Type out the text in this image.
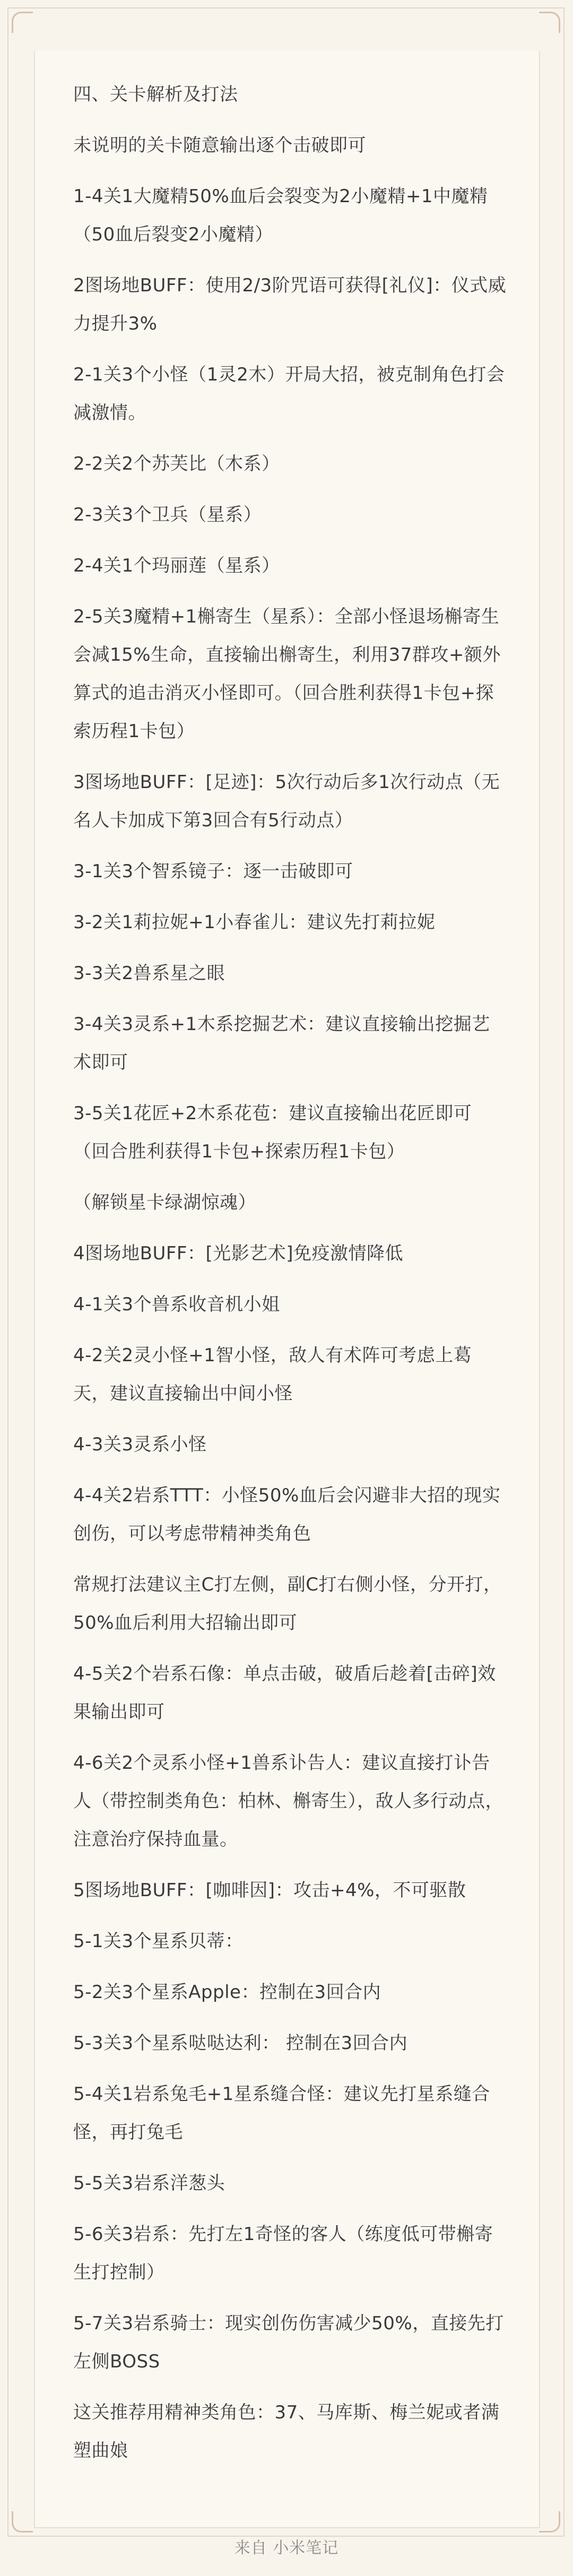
四、关卡解析及打法

未说明的关卡随意输出逐个击破即可

1-4关1大魔精50%血后会裂变为2小魔精+1中魔精（50血后裂变2小魔精）

2图场地BUFF：使用2/3阶咒语可获得[礼仪]：仪式威力提升3%

2-1关3个小怪（1灵2木）开局大招，被克制角色打会减激情。

2-2关2个苏芙比（木系）

2-3关3个卫兵（星系）

2-4关1个玛丽莲（星系）

2-5关3魔精+1槲寄生（星系）：全部小怪退场槲寄生会减15%生命，直接输出槲寄生，利用37群攻+额外算式的追击消灭小怪即可。（回合胜利获得1卡包+探索历程1卡包）

3图场地BUFF：[足迹]：5次行动后多1次行动点（无名人卡加成下第3回合有5行动点）

3-1关3个智系镜子：逐一击破即可

3-2关1莉拉妮+1小春雀儿：建议先打莉拉妮

3-3关2兽系星之眼

3-4关3灵系+1木系挖掘艺术：建议直接输出挖掘艺术即可

3-5关1花匠+2木系花苞：建议直接输出花匠即可（回合胜利获得1卡包+探索历程1卡包）

（解锁星卡绿湖惊魂）

4图场地BUFF：[光影艺术]免疫激情降低

4-1关3个兽系收音机小姐

4-2关2灵小怪+1智小怪，敌人有术阵可考虑上葛天，建议直接输出中间小怪

4-3关3灵系小怪

4-4关2岩系TTT：小怪50%血后会闪避非大招的现实创伤，可以考虑带精神类角色

常规打法建议主C打左侧，副C打右侧小怪，分开打，50%血后利用大招输出即可

4-5关2个岩系石像：单点击破，破盾后趁着[击碎]效果输出即可

4-6关2个灵系小怪+1兽系讣告人：建议直接打讣告人（带控制类角色：柏林、槲寄生），敌人多行动点，注意治疗保持血量。

5图场地BUFF：[咖啡因]：攻击+4%，不可驱散

5-1关3个星系贝蒂：

5-2关3个星系Apple：控制在3回合内

5-3关3个星系哒哒达利： 控制在3回合内

5-4关1岩系兔毛+1星系缝合怪：建议先打星系缝合怪，再打兔毛

5-5关3岩系洋葱头

5-6关3岩系：先打左1奇怪的客人（练度低可带槲寄生打控制）

5-7关3岩系骑士：现实创伤伤害减少50%，直接先打左侧BOSS

这关推荐用精神类角色：37、马库斯、梅兰妮或者满塑曲娘

来自 小米笔记
